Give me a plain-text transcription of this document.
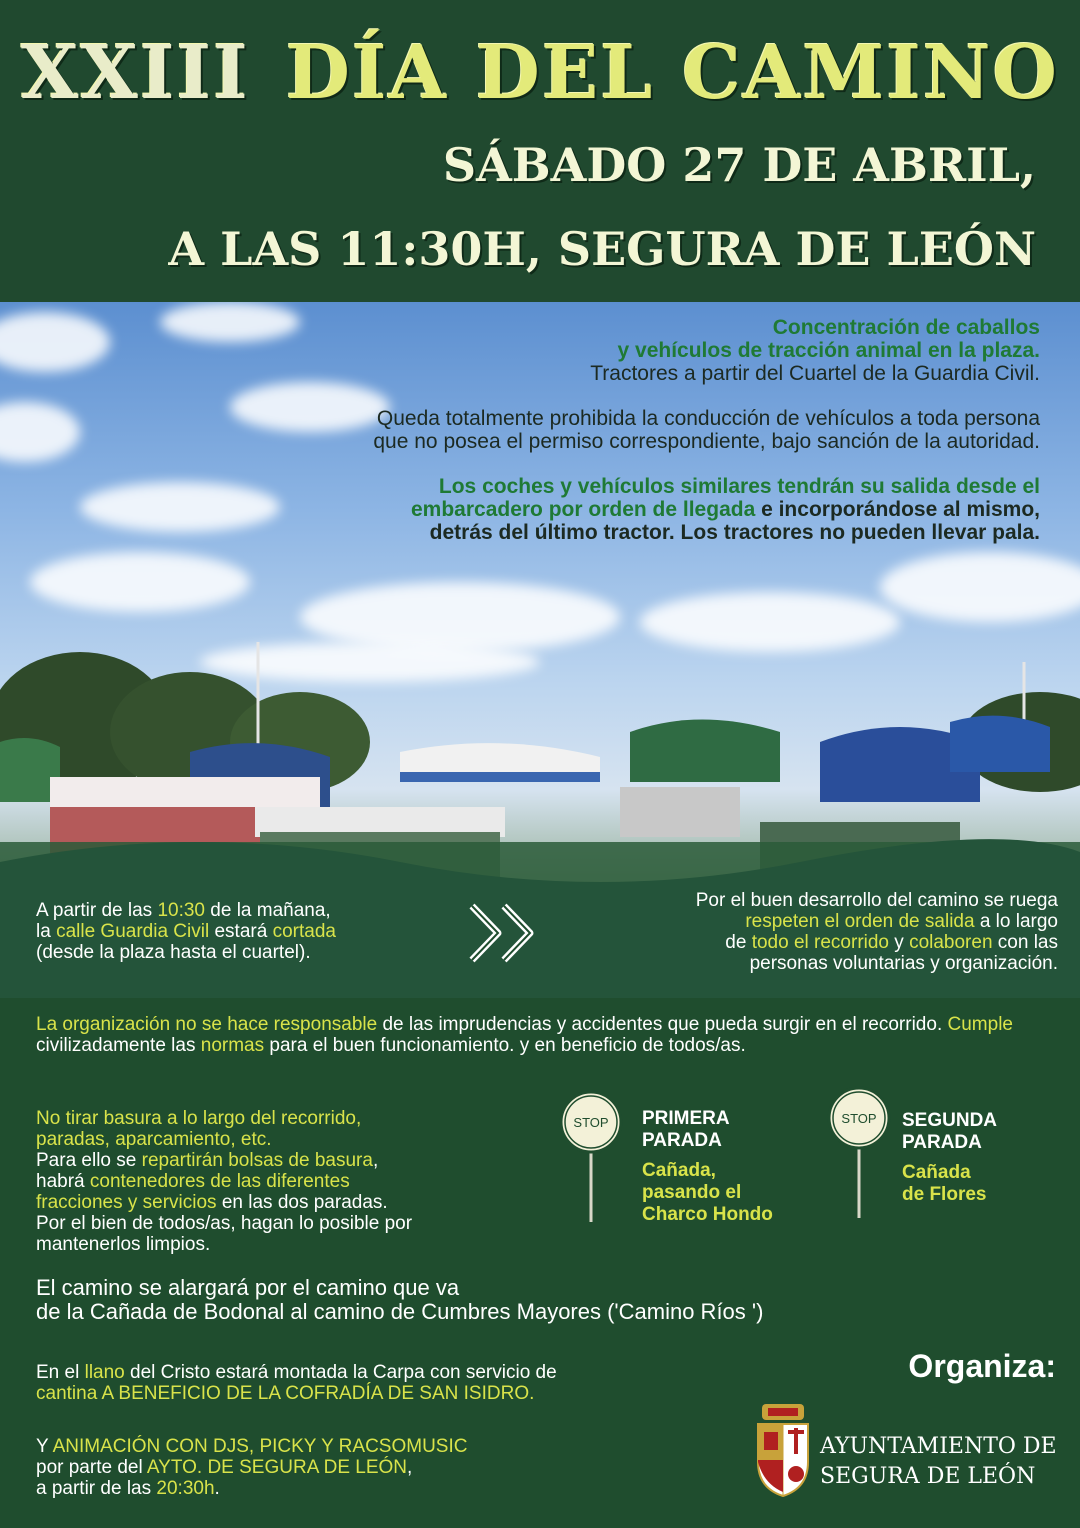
XXIII DÍA DEL CAMINO
SÁBADO 27 DE ABRIL,
A LAS 11:30H, SEGURA DE LEÓN

Concentración de caballos
y vehículos de tracción animal en la plaza.
Tractores a partir del Cuartel de la Guardia Civil.

Queda totalmente prohibida la conducción de vehículos a toda persona
que no posea el permiso correspondiente, bajo sanción de la autoridad.

Los coches y vehículos similares tendrán su salida desde el
embarcadero por orden de llegada e incorporándose al mismo,
detrás del último tractor. Los tractores no pueden llevar pala.

A partir de las 10:30 de la mañana,
la calle Guardia Civil estará cortada
(desde la plaza hasta el cuartel).
Por el buen desarrollo del camino se ruega
respeten el orden de salida a lo largo
de todo el recorrido y colaboren con las
personas voluntarias y organización.
La organización no se hace responsable de las imprudencias y accidentes que pueda surgir en el recorrido. Cumple civilizadamente las normas para el buen funcionamiento. y en beneficio de todos/as.
No tirar basura a lo largo del recorrido,
paradas, aparcamiento, etc.
Para ello se repartirán bolsas de basura,
habrá contenedores de las diferentes
fracciones y servicios en las dos paradas.
Por el bien de todos/as, hagan lo posible por
mantenerlos limpios.
STOP PRIMERA
PARADA
Cañada,
pasando el
Charco Hondo
STOP SEGUNDA
PARADA
Cañada
de Flores
El camino se alargará por el camino que va
de la Cañada de Bodonal al camino de Cumbres Mayores ('Camino Ríos ')
En el llano del Cristo estará montada la Carpa con servicio de
cantina A BENEFICIO DE LA COFRADÍA DE SAN ISIDRO.
Y ANIMACIÓN CON DJS, PICKY Y RACSOMUSIC
por parte del AYTO. DE SEGURA DE LEÓN,
a partir de las 20:30h.
Organiza:
AYUNTAMIENTO DE
SEGURA DE LEÓN
